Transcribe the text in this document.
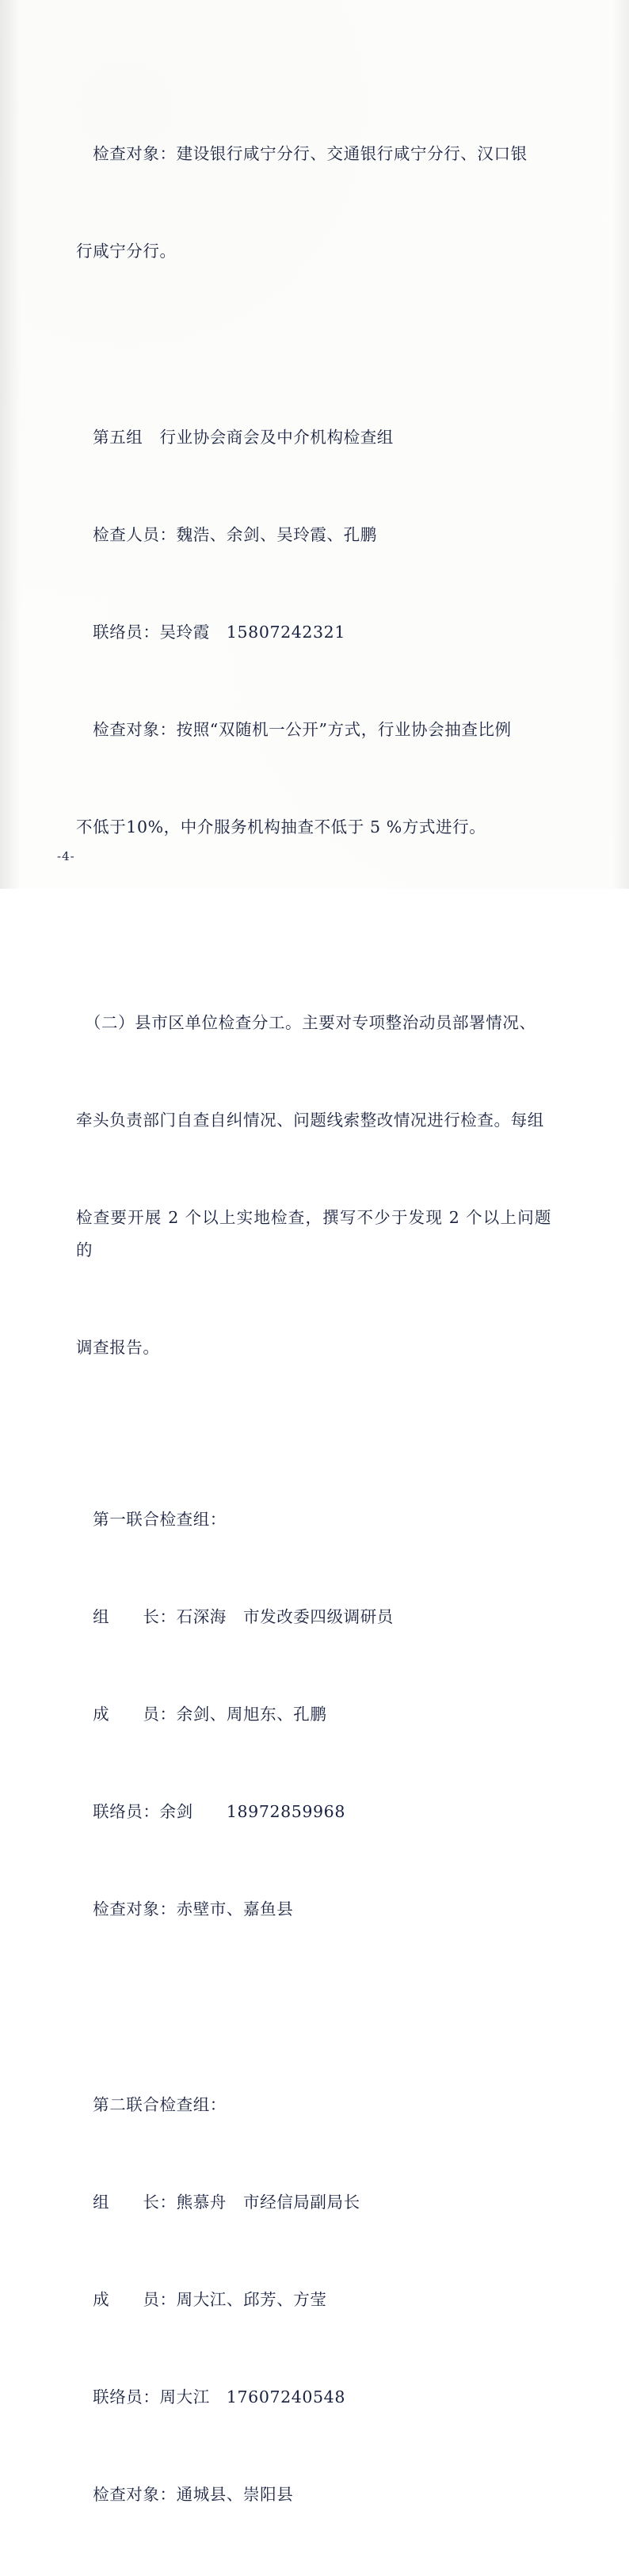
　检查对象：建设银行咸宁分行、交通银行咸宁分行、汉口银

行咸宁分行。

　第五组　行业协会商会及中介机构检查组

　检查人员：魏浩、余剑、吴玲霞、孔鹏

　联络员：吴玲霞　15807242321

　检查对象：按照“双随机一公开”方式，行业协会抽查比例

不低于10%，中介服务机构抽查不低于 5 %方式进行。

　（二）县市区单位检查分工。主要对专项整治动员部署情况、

牵头负责部门自查自纠情况、问题线索整改情况进行检查。每组

检查要开展 2 个以上实地检查，撰写不少于发现 2 个以上问题的

调查报告。

　第一联合检查组：

　组　　长：石深海　市发改委四级调研员

　成　　员：余剑、周旭东、孔鹏

　联络员：余剑　　18972859968

　检查对象：赤壁市、嘉鱼县

　第二联合检查组：

　组　　长：熊慕舟　市经信局副局长

　成　　员：周大江、邱芳、方莹

　联络员：周大江　17607240548

　检查对象：通城县、崇阳县

-4-
